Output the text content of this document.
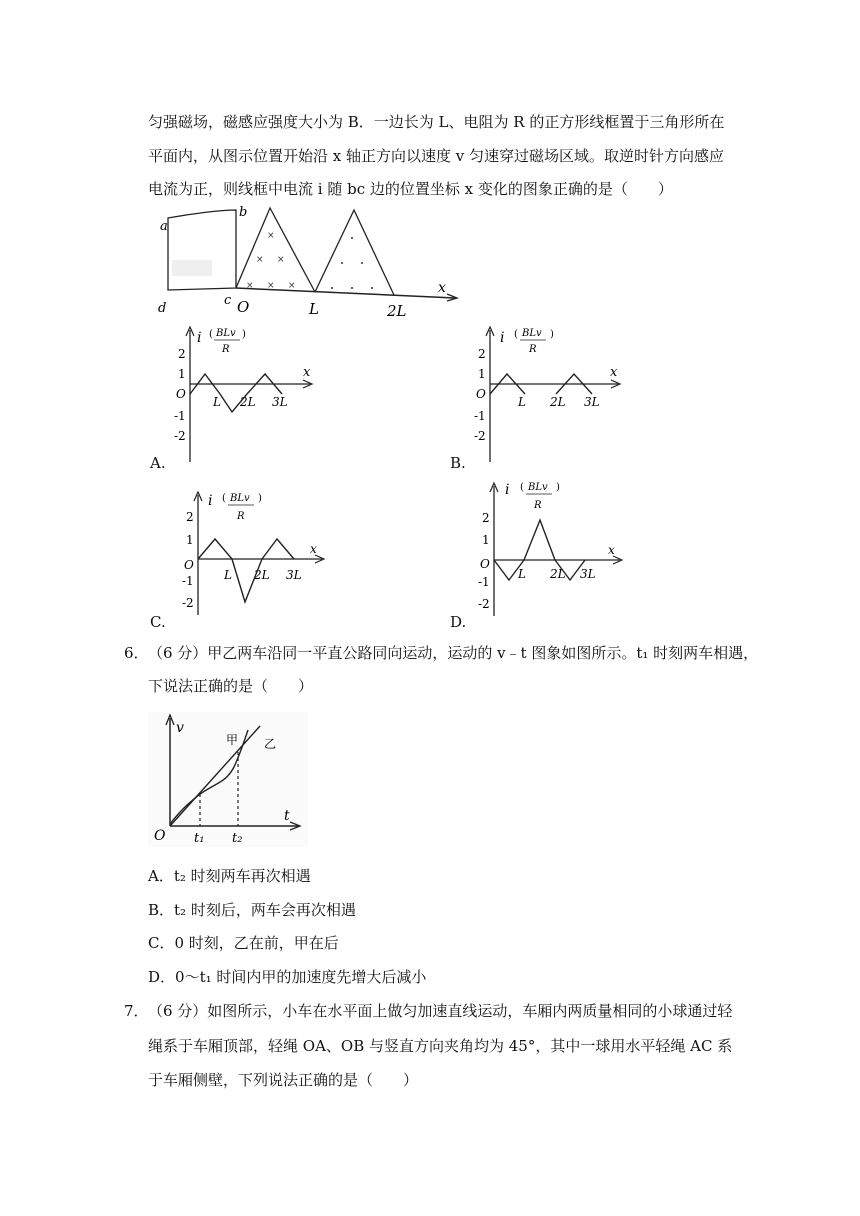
匀强磁场，磁感应强度大小为 B．一边长为 L、电阻为 R 的正方形线框置于三角形所在
平面内，从图示位置开始沿 x 轴正方向以速度 v 匀速穿过磁场区域。取逆时针方向感应
电流为正，则线框中电流 i 随 bc 边的位置坐标 x 变化的图象正确的是（　　）
a
b
c
d
×
× ×
× × ×
O	L	2L
x
i ( BLv )
R
x
2
1
O
-1
-2
L 2L 3L
A.
i ( BLv )
R
x
2
1
O
-1
-2
L 2L 3L
B.
i ( BLv )
R
x
2
1
O
-1
-2
L 2L 3L
C.
i ( BLv )
R
x
2
1
O
-1
-2
L 2L 3L
D.
6． （6 分）甲乙两车沿同一平直公路同向运动，运动的 v﹣t 图象如图所示。t₁ 时刻两车相遇，
下说法正确的是（　　）
v
t
O t₁ t₂
甲 乙
A．t₂ 时刻两车再次相遇
B．t₂ 时刻后，两车会再次相遇
C．0 时刻，乙在前，甲在后
D．0～t₁ 时间内甲的加速度先增大后减小
7． （6 分）如图所示，小车在水平面上做匀加速直线运动，车厢内两质量相同的小球通过轻
绳系于车厢顶部，轻绳 OA、OB 与竖直方向夹角均为 45°，其中一球用水平轻绳 AC 系
于车厢侧壁，下列说法正确的是（　　）
